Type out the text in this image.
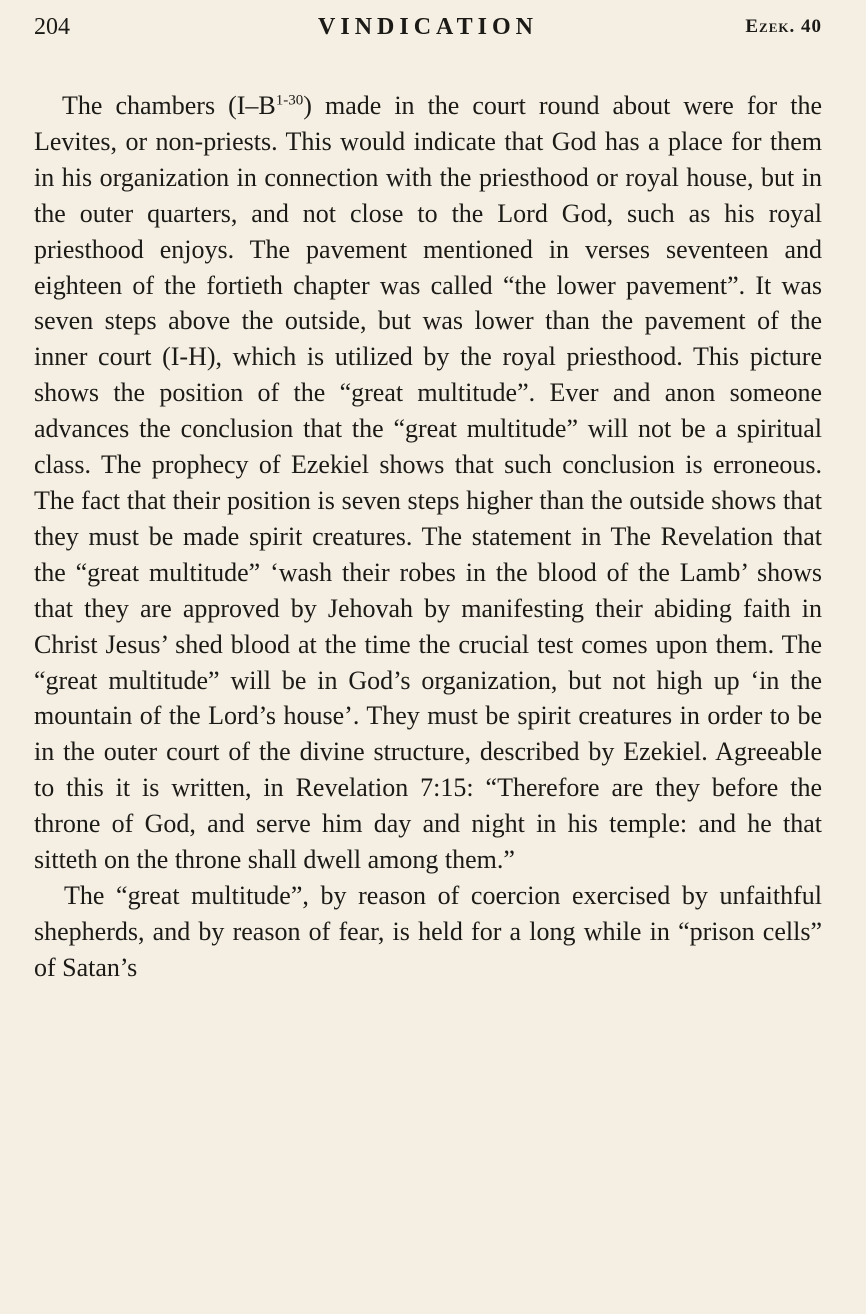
204	VINDICATION	Ezek. 40

The chambers $(I-B^{1-30})$ made in the court round about were for the Levites, or non-priests. This would indicate that God has a place for them in his organization in connection with the priesthood or royal house, but in the outer quarters, and not close to the Lord God, such as his royal priesthood enjoys. The pavement mentioned in verses seventeen and eighteen of the fortieth chapter was called “the lower pavement”. It was seven steps above the outside, but was lower than the pavement of the inner court (I-H), which is utilized by the royal priesthood. This picture shows the position of the “great multitude”. Ever and anon someone advances the conclusion that the “great multitude” will not be a spiritual class. The prophecy of Ezekiel shows that such conclusion is erroneous. The fact that their position is seven steps higher than the outside shows that they must be made spirit creatures. The statement in The Revelation that the “great multitude” ‘wash their robes in the blood of the Lamb’ shows that they are approved by Jehovah by manifesting their abiding faith in Christ Jesus’ shed blood at the time the crucial test comes upon them. The “great multitude” will be in God’s organization, but not high up ‘in the mountain of the Lord’s house’. They must be spirit creatures in order to be in the outer court of the divine structure, described by Ezekiel. Agreeable to this it is written, in Revelation 7:15: “Therefore are they before the throne of God, and serve him day and night in his temple: and he that sitteth on the throne shall dwell among them.”

The “great multitude”, by reason of coercion exercised by unfaithful shepherds, and by reason of fear, is held for a long while in “prison cells” of Satan’s
